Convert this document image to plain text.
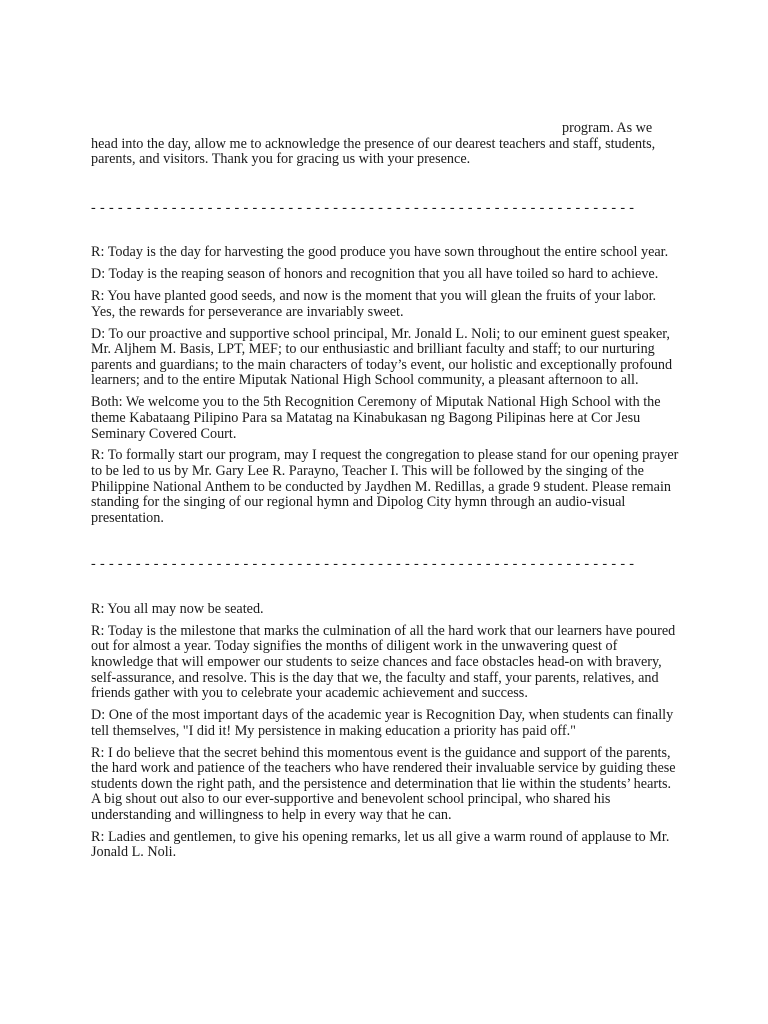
program. As we head into the day, allow me to acknowledge the presence of our dearest teachers and staff, students, parents, and visitors. Thank you for gracing us with your presence.

- - - - - - - - - - - - - - - - - - - - - - - - - - - - - - - - - - - - - - - - - - - - - - - - - - - - - - - - - - - - -

R: Today is the day for harvesting the good produce you have sown throughout the entire school year.

D: Today is the reaping season of honors and recognition that you all have toiled so hard to achieve.

R: You have planted good seeds, and now is the moment that you will glean the fruits of your labor. Yes, the rewards for perseverance are invariably sweet.

D: To our proactive and supportive school principal, Mr. Jonald L. Noli; to our eminent guest speaker, Mr. Aljhem M. Basis, LPT, MEF; to our enthusiastic and brilliant faculty and staff; to our nurturing parents and guardians; to the main characters of today’s event, our holistic and exceptionally profound learners; and to the entire Miputak National High School community, a pleasant afternoon to all.

Both: We welcome you to the 5th Recognition Ceremony of Miputak National High School with the theme Kabataang Pilipino Para sa Matatag na Kinabukasan ng Bagong Pilipinas here at Cor Jesu Seminary Covered Court.

R: To formally start our program, may I request the congregation to please stand for our opening prayer to be led to us by Mr. Gary Lee R. Parayno, Teacher I. This will be followed by the singing of the Philippine National Anthem to be conducted by Jaydhen M. Redillas, a grade 9 student. Please remain standing for the singing of our regional hymn and Dipolog City hymn through an audio-visual presentation.

- - - - - - - - - - - - - - - - - - - - - - - - - - - - - - - - - - - - - - - - - - - - - - - - - - - - - - - - - - - - -

R: You all may now be seated.

R: Today is the milestone that marks the culmination of all the hard work that our learners have poured out for almost a year. Today signifies the months of diligent work in the unwavering quest of knowledge that will empower our students to seize chances and face obstacles head-on with bravery, self-assurance, and resolve. This is the day that we, the faculty and staff, your parents, relatives, and friends gather with you to celebrate your academic achievement and success.

D: One of the most important days of the academic year is Recognition Day, when students can finally tell themselves, "I did it! My persistence in making education a priority has paid off."

R: I do believe that the secret behind this momentous event is the guidance and support of the parents, the hard work and patience of the teachers who have rendered their invaluable service by guiding these students down the right path, and the persistence and determination that lie within the students’ hearts. A big shout out also to our ever-supportive and benevolent school principal, who shared his understanding and willingness to help in every way that he can.

R: Ladies and gentlemen, to give his opening remarks, let us all give a warm round of applause to Mr. Jonald L. Noli.
